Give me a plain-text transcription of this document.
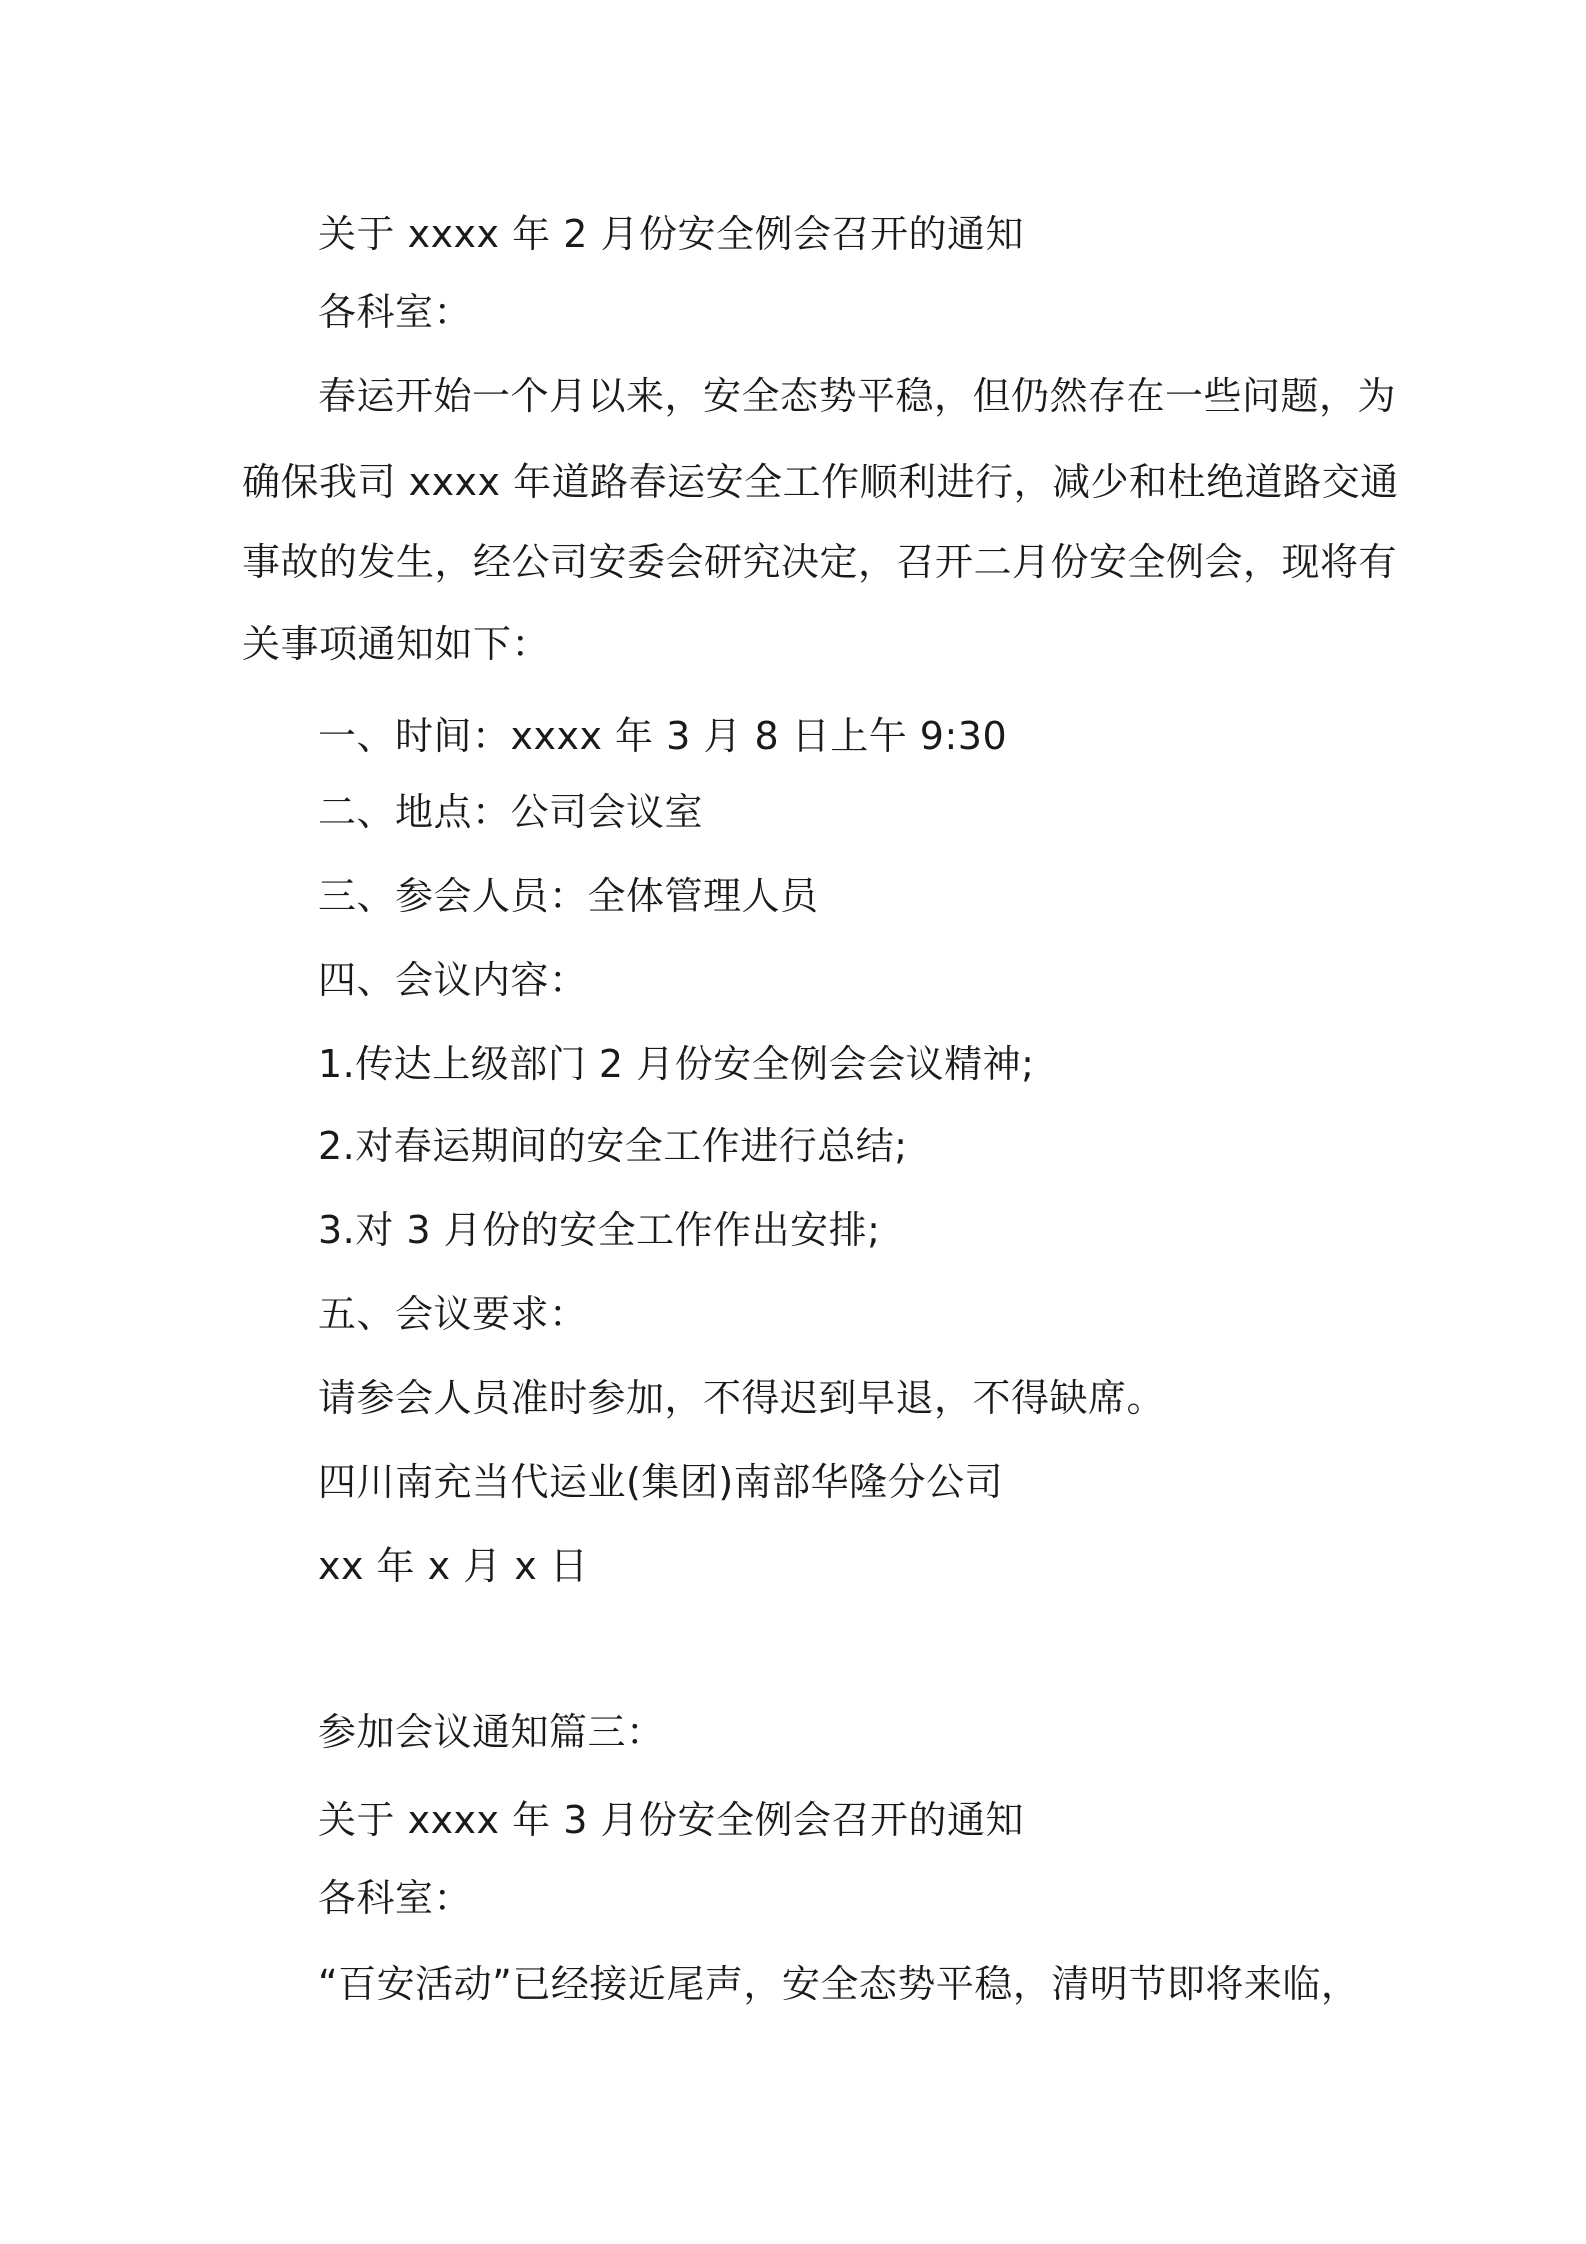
关于 xxxx 年 2 月份安全例会召开的通知
各科室：
春运开始一个月以来，安全态势平稳，但仍然存在一些问题，为
确保我司 xxxx 年道路春运安全工作顺利进行，减少和杜绝道路交通
事故的发生，经公司安委会研究决定，召开二月份安全例会，现将有
关事项通知如下：
一、时间：xxxx 年 3 月 8 日上午 9:30
二、地点：公司会议室
三、参会人员：全体管理人员
四、会议内容：
1.传达上级部门 2 月份安全例会会议精神;
2.对春运期间的安全工作进行总结;
3.对 3 月份的安全工作作出安排;
五、会议要求：
请参会人员准时参加，不得迟到早退，不得缺席。
四川南充当代运业(集团)南部华隆分公司
xx 年 x 月 x 日
参加会议通知篇三：
关于 xxxx 年 3 月份安全例会召开的通知
各科室：
“百安活动”已经接近尾声，安全态势平稳，清明节即将来临，
